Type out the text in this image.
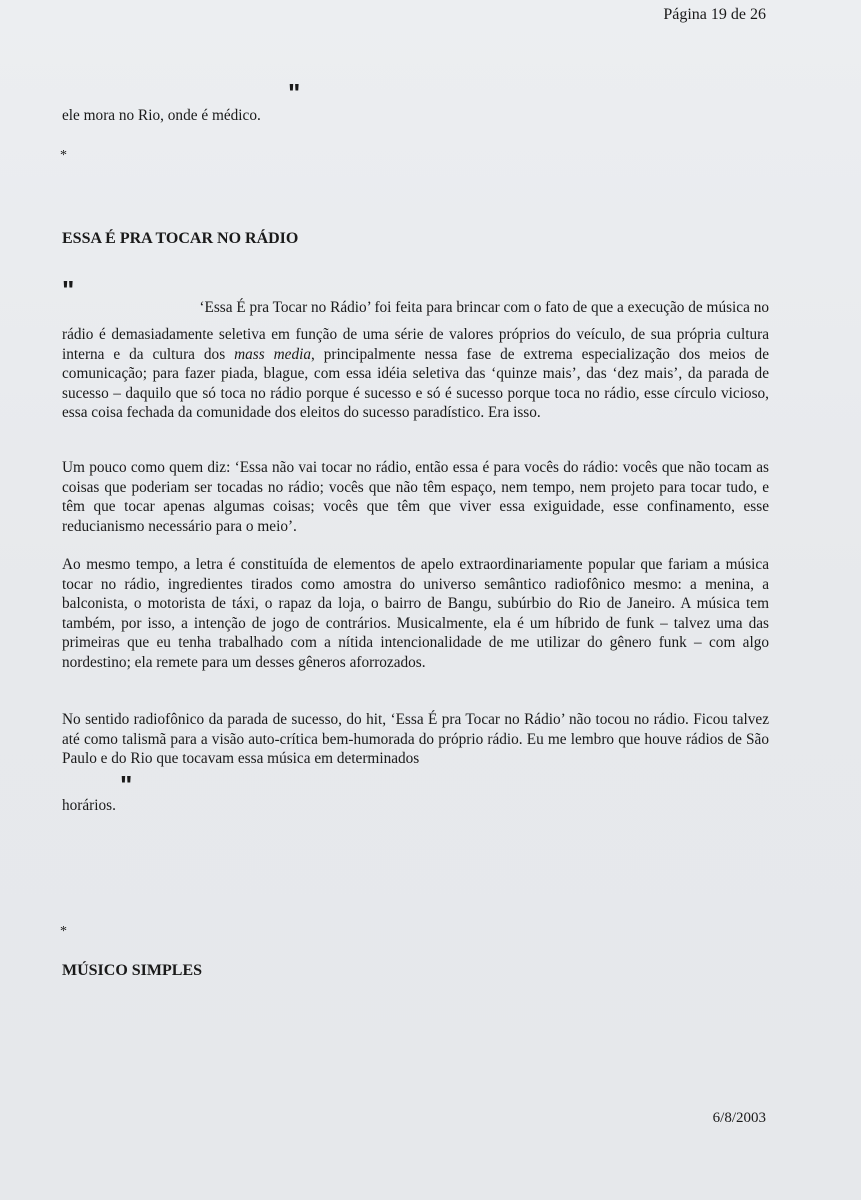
Página 19 de 26
"
ele mora no Rio, onde é médico.
*
ESSA É PRA TOCAR NO RÁDIO
"
‘Essa É pra Tocar no Rádio’ foi feita para brincar com o fato de que a execução de música no
rádio é demasiadamente seletiva em função de uma série de valores próprios do veículo, de sua própria cultura interna e da cultura dos mass media, principalmente nessa fase de extrema especialização dos meios de comunicação; para fazer piada, blague, com essa idéia seletiva das ‘quinze mais’, das ‘dez mais’, da parada de sucesso – daquilo que só toca no rádio porque é sucesso e só é sucesso porque toca no rádio, esse círculo vicioso, essa coisa fechada da comunidade dos eleitos do sucesso paradístico. Era isso.
Um pouco como quem diz: ‘Essa não vai tocar no rádio, então essa é para vocês do rádio: vocês que não tocam as coisas que poderiam ser tocadas no rádio; vocês que não têm espaço, nem tempo, nem projeto para tocar tudo, e têm que tocar apenas algumas coisas; vocês que têm que viver essa exiguidade, esse confinamento, esse reducianismo necessário para o meio’.
Ao mesmo tempo, a letra é constituída de elementos de apelo extraordinariamente popular que fariam a música tocar no rádio, ingredientes tirados como amostra do universo semântico radiofônico mesmo: a menina, a balconista, o motorista de táxi, o rapaz da loja, o bairro de Bangu, subúrbio do Rio de Janeiro. A música tem também, por isso, a intenção de jogo de contrários. Musicalmente, ela é um híbrido de funk – talvez uma das primeiras que eu tenha trabalhado com a nítida intencionalidade de me utilizar do gênero funk – com algo nordestino; ela remete para um desses gêneros aforrozados.
No sentido radiofônico da parada de sucesso, do hit, ‘Essa É pra Tocar no Rádio’ não tocou no rádio. Ficou talvez até como talismã para a visão auto-crítica bem-humorada do próprio rádio. Eu me lembro que houve rádios de São Paulo e do Rio que tocavam essa música em determinados
"
horários.
*
MÚSICO SIMPLES
6/8/2003
